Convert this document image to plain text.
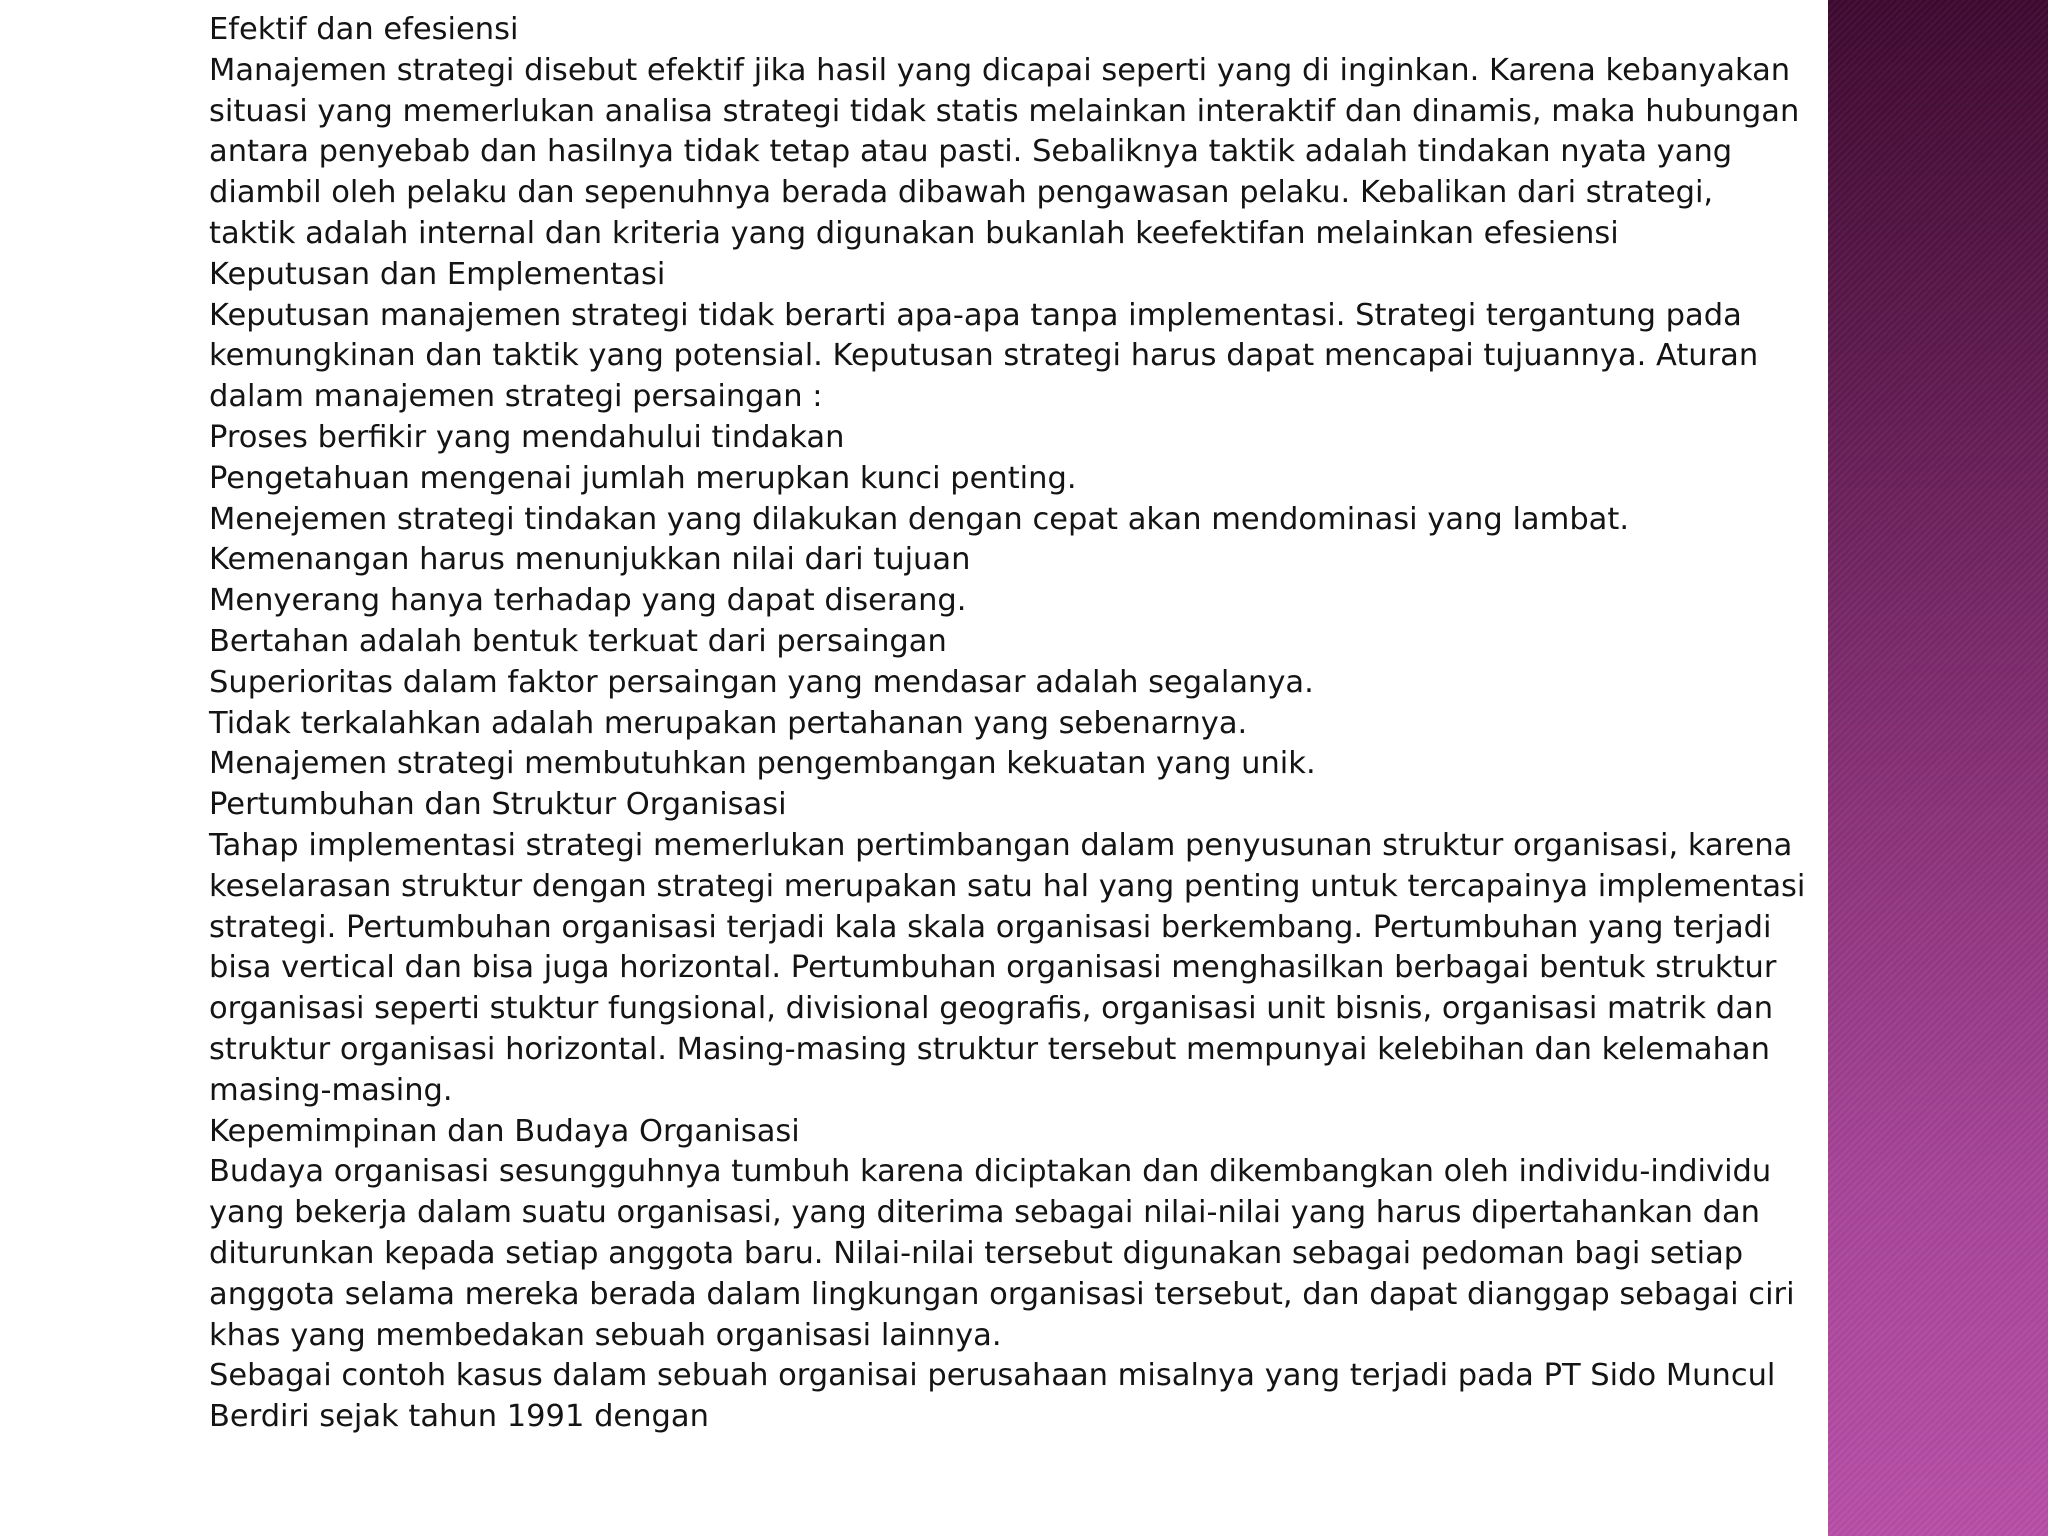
Efektif dan efesiensi
Manajemen strategi disebut efektif jika hasil yang dicapai seperti yang di inginkan. Karena kebanyakan situasi yang memerlukan analisa strategi tidak statis melainkan interaktif dan dinamis, maka hubungan antara penyebab dan hasilnya tidak tetap atau pasti. Sebaliknya taktik adalah tindakan nyata yang diambil oleh pelaku dan sepenuhnya berada dibawah pengawasan pelaku. Kebalikan dari strategi, taktik adalah internal dan kriteria yang digunakan bukanlah keefektifan melainkan efesiensi
Keputusan dan Emplementasi
Keputusan manajemen strategi tidak berarti apa-apa tanpa implementasi. Strategi tergantung pada kemungkinan dan taktik yang potensial. Keputusan strategi harus dapat mencapai tujuannya. Aturan dalam manajemen strategi persaingan :
Proses berfikir yang mendahului tindakan
Pengetahuan mengenai jumlah merupkan kunci penting.
Menejemen strategi tindakan yang dilakukan dengan cepat akan mendominasi yang lambat.
Kemenangan harus menunjukkan nilai dari tujuan
Menyerang hanya terhadap yang dapat diserang.
Bertahan adalah bentuk terkuat dari persaingan
Superioritas dalam faktor persaingan yang mendasar adalah segalanya.
Tidak terkalahkan adalah merupakan pertahanan yang sebenarnya.
Menajemen strategi membutuhkan pengembangan kekuatan yang unik.
Pertumbuhan dan Struktur Organisasi
Tahap implementasi strategi memerlukan pertimbangan dalam penyusunan struktur organisasi, karena keselarasan struktur dengan strategi merupakan satu hal yang penting untuk tercapainya implementasi strategi. Pertumbuhan organisasi terjadi kala skala organisasi berkembang. Pertumbuhan yang terjadi bisa vertical dan bisa juga horizontal. Pertumbuhan organisasi menghasilkan berbagai bentuk struktur organisasi seperti stuktur fungsional, divisional geografis, organisasi unit bisnis, organisasi matrik dan struktur organisasi horizontal. Masing-masing struktur tersebut mempunyai kelebihan dan kelemahan masing-masing.
Kepemimpinan dan Budaya Organisasi
Budaya organisasi sesungguhnya tumbuh karena diciptakan dan dikembangkan oleh individu-individu yang bekerja dalam suatu organisasi, yang diterima sebagai nilai-nilai yang harus dipertahankan dan diturunkan kepada setiap anggota baru. Nilai-nilai tersebut digunakan sebagai pedoman bagi setiap anggota selama mereka berada dalam lingkungan organisasi tersebut, dan dapat dianggap sebagai ciri khas yang membedakan sebuah organisasi lainnya.
Sebagai contoh kasus dalam sebuah organisai perusahaan misalnya yang terjadi pada PT Sido Muncul Berdiri sejak tahun 1991 dengan
